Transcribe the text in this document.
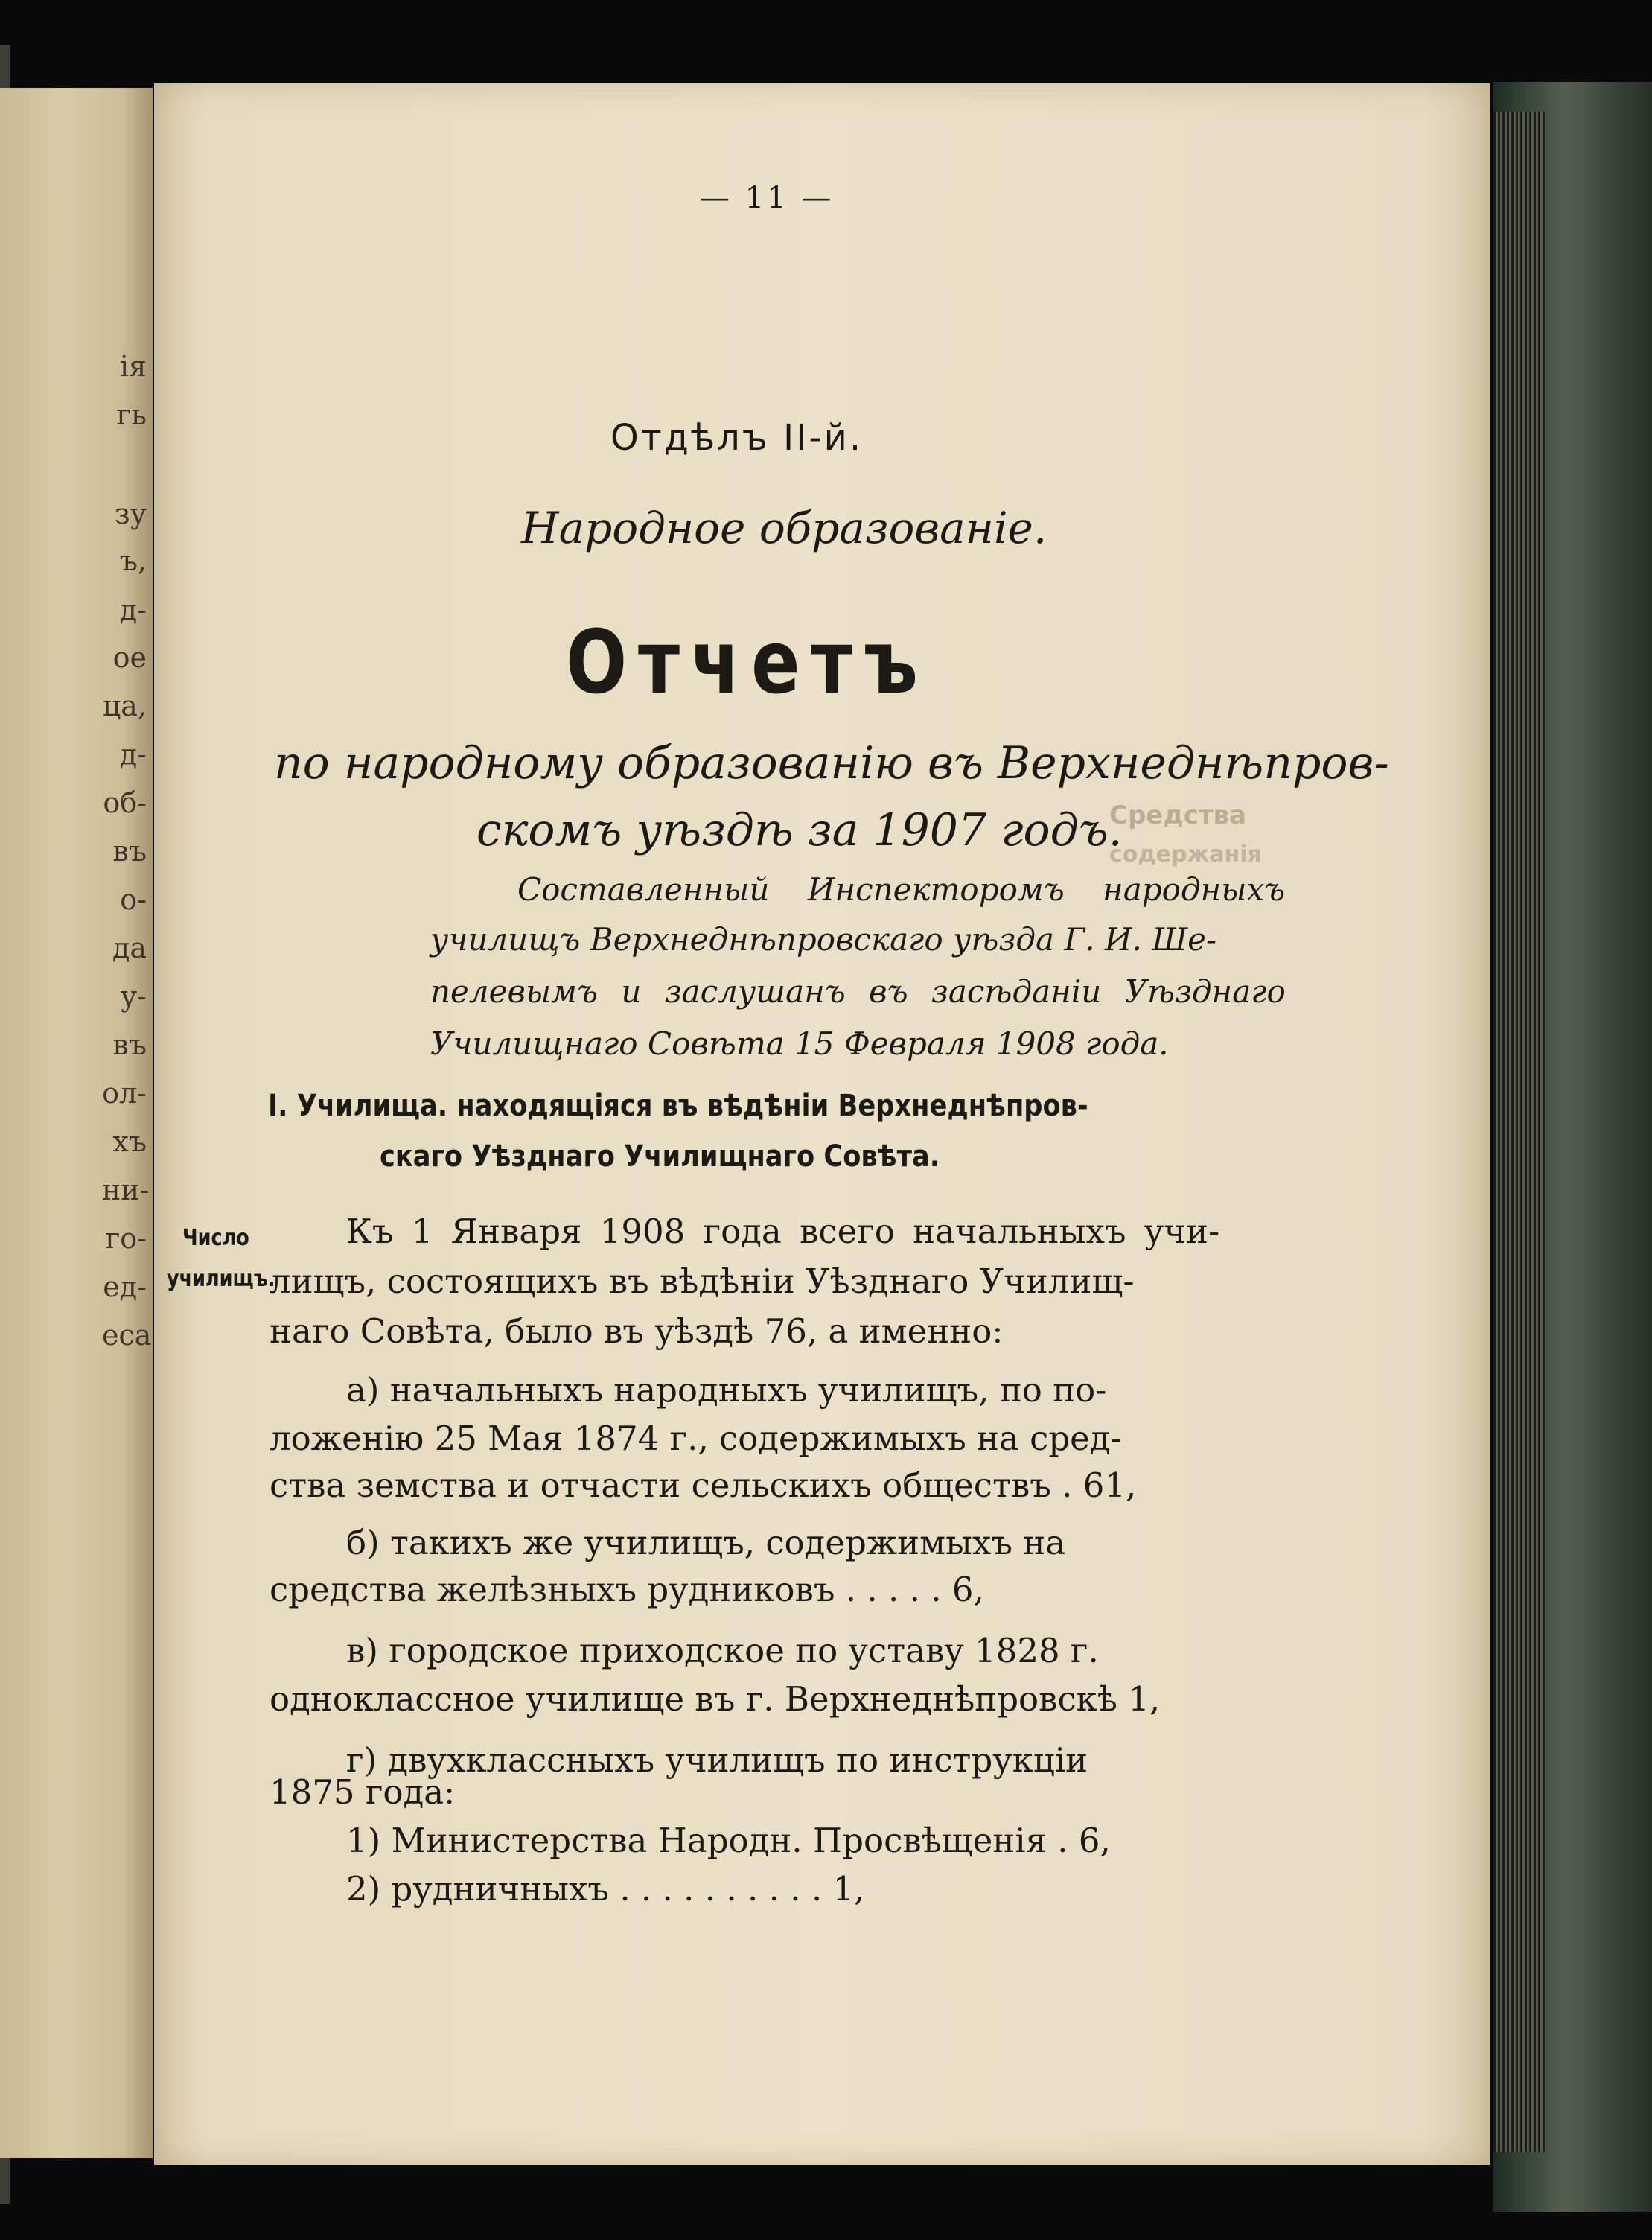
ія
гь
зу
ъ,
д-
ое
ца,
д-
об-
въ
о-
да
у-
въ
ол-
хъ
ни-
го-
ед-
еса
Средства
содержанія
— 11 —
Отдѣлъ II-й.
Народное образованіе.
Отчетъ
по народному образованію въ Верхнеднѣпров-
скомъ уѣздѣ за 1907 годъ.
Составленный Инспекторомъ народныхъ
училищъ Верхнеднѣпровскаго уѣзда Г. И. Ше-
пелевымъ и заслушанъ въ засѣданіи Уѣзднаго
Училищнаго Совѣта 15 Февраля 1908 года.
I. Училища. находящіяся въ вѣдѣніи Верхнеднѣпров-
скаго Уѣзднаго Училищнаго Совѣта.
Число
училищъ.
Къ 1 Января 1908 года всего начальныхъ учи-
лищъ, состоящихъ въ вѣдѣніи Уѣзднаго Училищ-
наго Совѣта, было въ уѣздѣ 76, а именно:
а) начальныхъ народныхъ училищъ, по по-
ложенію 25 Мая 1874 г., содержимыхъ на сред-
ства земства и отчасти сельскихъ обществъ . 61,
б) такихъ же училищъ, содержимыхъ на
средства желѣзныхъ рудниковъ . . . . . 6,
в) городское приходское по уставу 1828 г.
одноклассное училище въ г. Верхнеднѣпровскѣ 1,
г) двухклассныхъ училищъ по инструкціи
1875 года:
1) Министерства Народн. Просвѣщенія . 6,
2) рудничныхъ . . . . . . . . . . 1,
